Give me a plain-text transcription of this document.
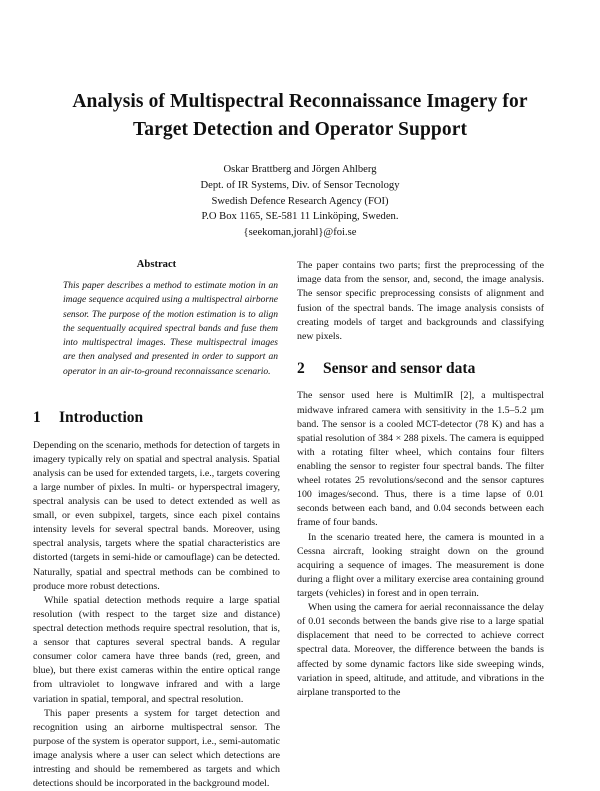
Analysis of Multispectral Reconnaissance Imagery for
Target Detection and Operator Support
Oskar Brattberg and Jörgen Ahlberg
Dept. of IR Systems, Div. of Sensor Tecnology
Swedish Defence Research Agency (FOI)
P.O Box 1165, SE-581 11 Linköping, Sweden.
{seekoman,jorahl}@foi.se
Abstract

This paper describes a method to estimate motion in an image sequence acquired using a multispectral airborne sensor. The purpose of the motion estimation is to align the sequentually acquired spectral bands and fuse them into multispectral images. These multispectral images are then analysed and presented in order to support an operator in an air-to-ground reconnaissance scenario.

1	Introduction

Depending on the scenario, methods for detection of targets in imagery typically rely on spatial and spectral analysis. Spatial analysis can be used for extended targets, i.e., targets covering a large number of pixles. In multi- or hyperspectral imagery, spectral analysis can be used to detect extended as well as small, or even subpixel, targets, since each pixel contains intensity levels for several spectral bands. Moreover, using spectral analysis, targets where the spatial characteristics are distorted (targets in semi-hide or camouflage) can be detected. Naturally, spatial and spectral methods can be combined to produce more robust detections.

While spatial detection methods require a large spatial resolution (with respect to the target size and distance) spectral detection methods require spectral resolution, that is, a sensor that captures several spectral bands. A regular consumer color camera have three bands (red, green, and blue), but there exist cameras within the entire optical range from ultraviolet to longwave infrared and with a large variation in spatial, temporal, and spectral resolution.

This paper presents a system for target detection and recognition using an airborne multispectral sensor. The purpose of the system is operator support, i.e., semi-automatic image analysis where a user can select which detections are intresting and should be remembered as targets and which detections should be incorporated in the background model.

The paper contains two parts; first the preprocessing of the image data from the sensor, and, second, the image analysis. The sensor specific preprocessing consists of alignment and fusion of the spectral bands. The image analysis consists of creating models of target and backgrounds and classifying new pixels.

2	Sensor and sensor data

The sensor used here is MultimIR [2], a multispectral midwave infrared camera with sensitivity in the 1.5–5.2 µm band. The sensor is a cooled MCT-detector (78 K) and has a spatial resolution of 384 × 288 pixels. The camera is equipped with a rotating filter wheel, which contains four filters enabling the sensor to register four spectral bands. The filter wheel rotates 25 revolutions/second and the sensor captures 100 images/second. Thus, there is a time lapse of 0.01 seconds between each band, and 0.04 seconds between each frame of four bands.

In the scenario treated here, the camera is mounted in a Cessna aircraft, looking straight down on the ground acquiring a sequence of images. The measurement is done during a flight over a military exercise area containing ground targets (vehicles) in forest and in open terrain.

When using the camera for aerial reconnaissance the delay of 0.01 seconds between the bands give rise to a large spatial displacement that need to be corrected to achieve correct spectral data. Moreover, the difference between the bands is affected by some dynamic factors like side sweeping winds, variation in speed, altitude, and attitude, and vibrations in the airplane transported to the
